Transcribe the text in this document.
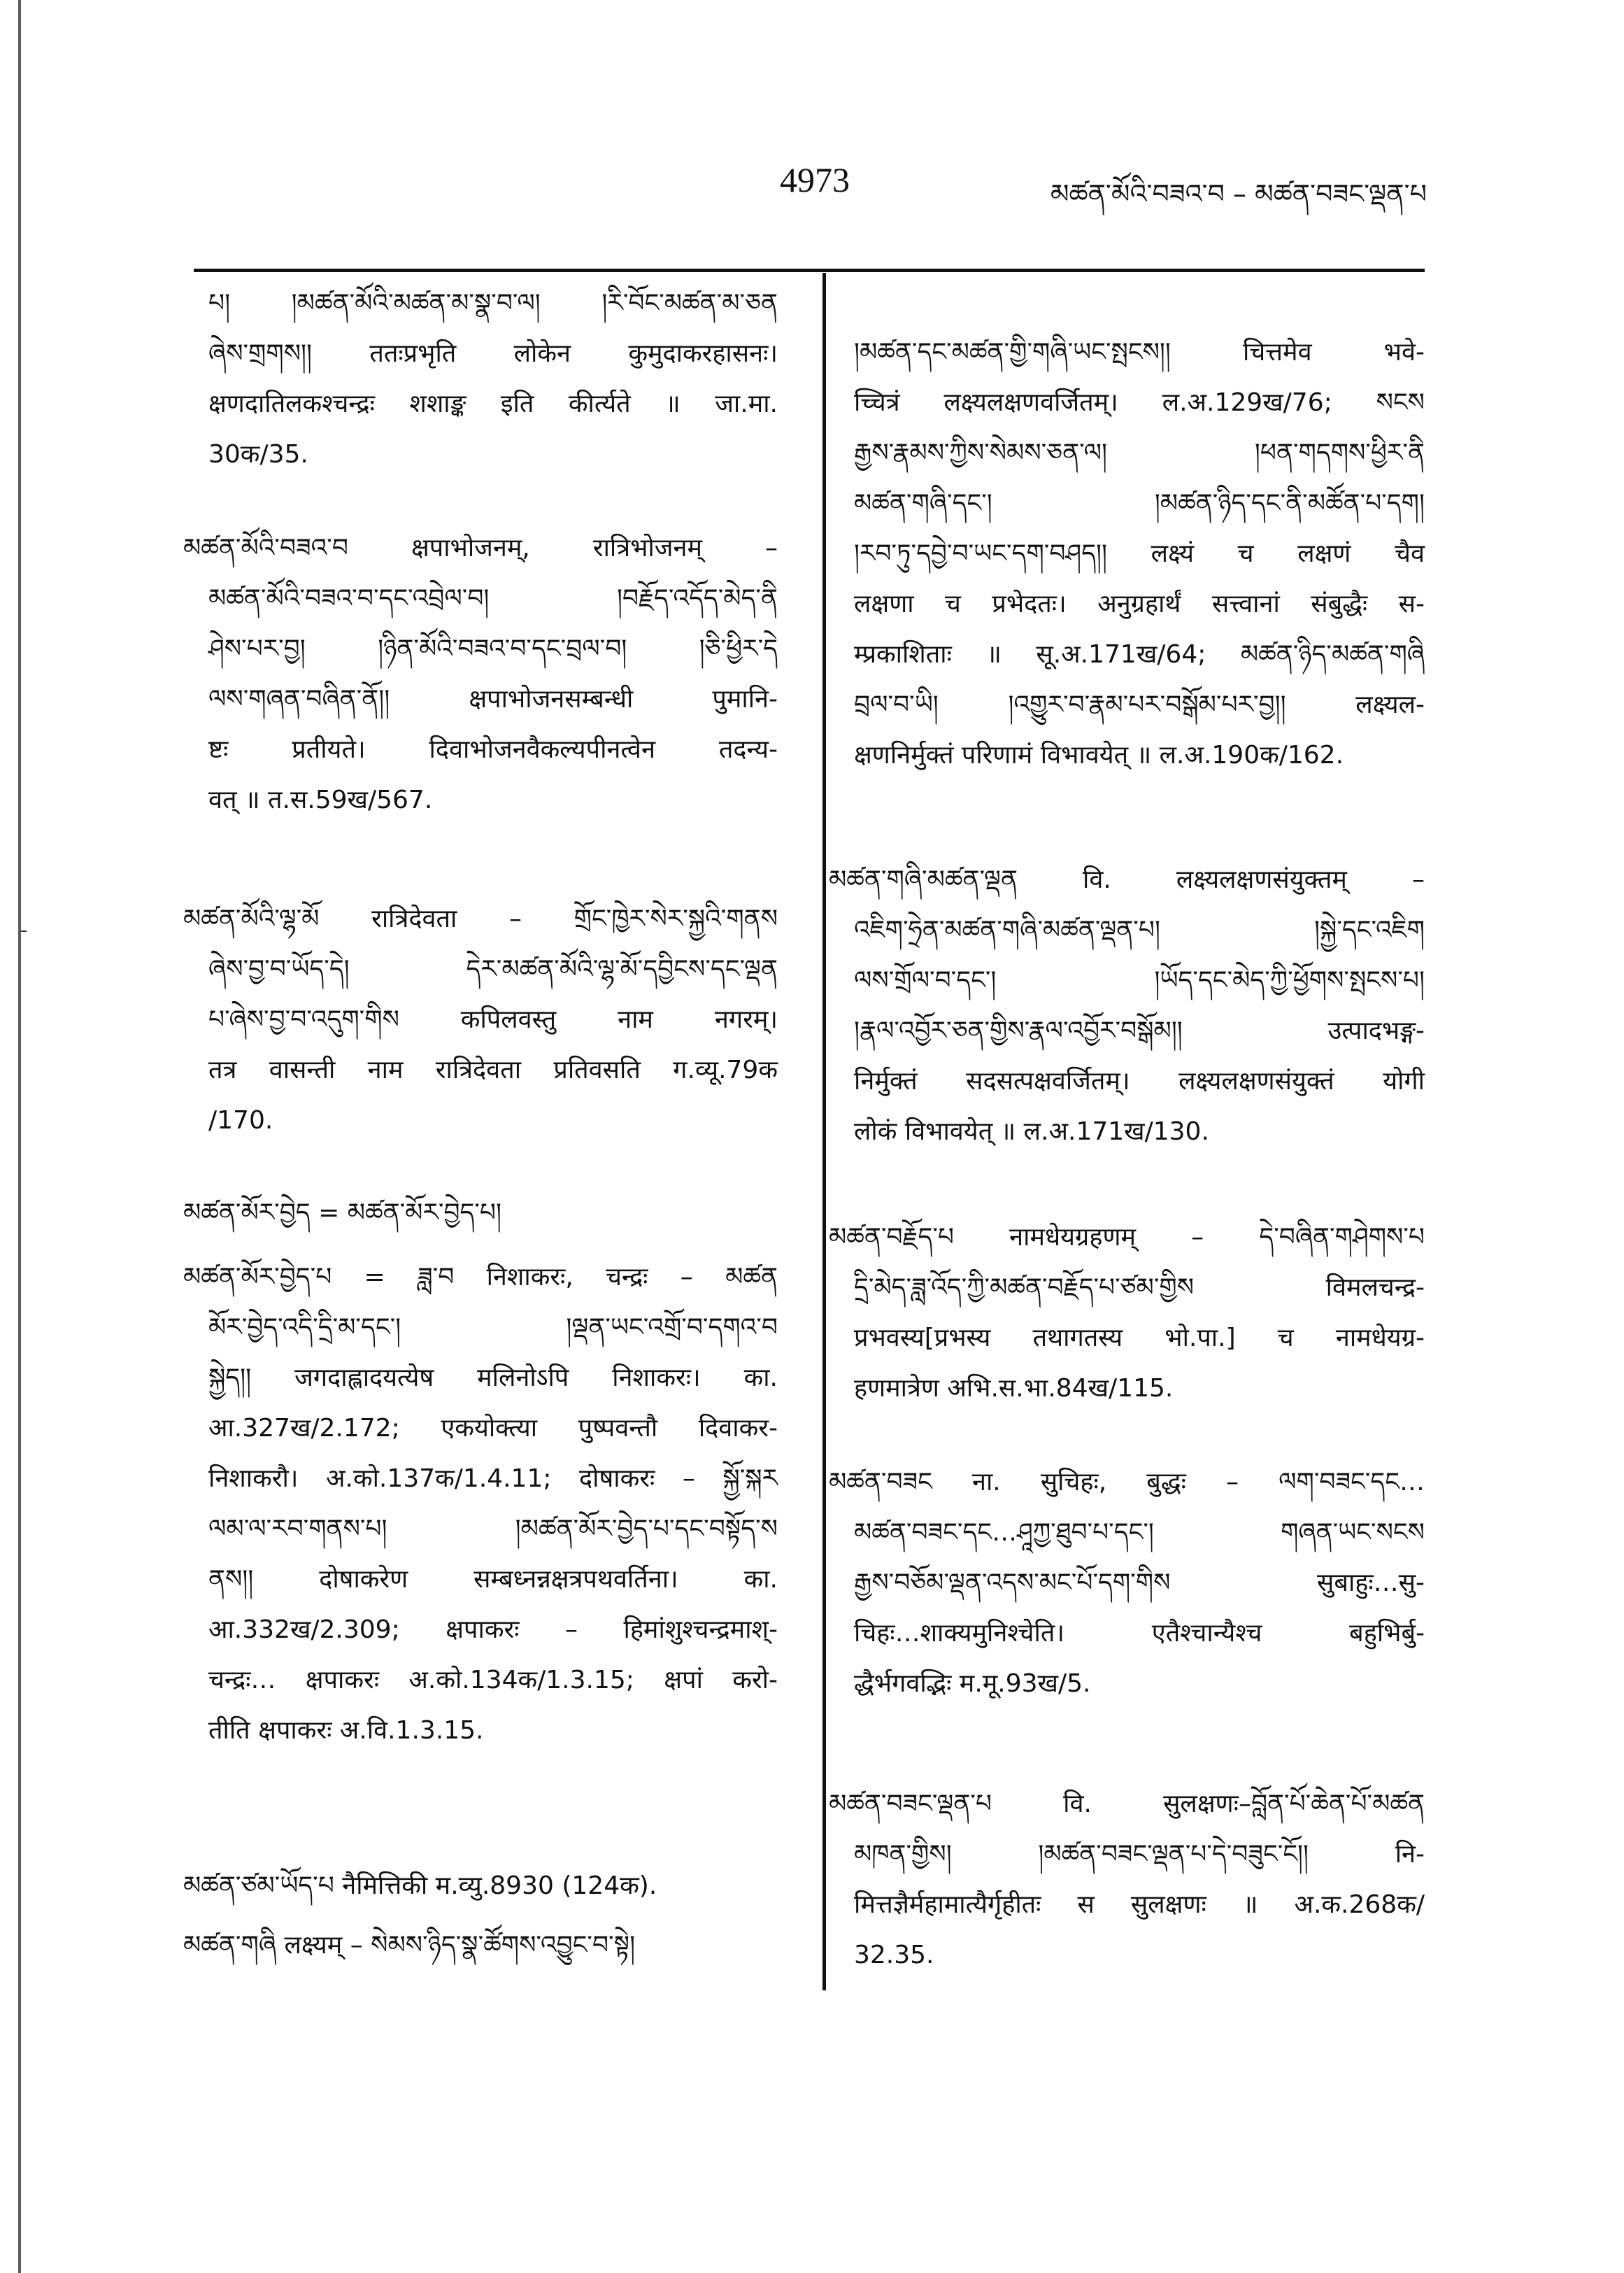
4973	མཚན་མོའི་བཟའ་བ – མཚན་བཟང་ལྡན་པ
པ། །མཚན་མོའི་མཚན་མ་སྣ་བ་ལ། །རི་བོང་མཚན་མ་ཅན
ཞེས་གྲགས།། ततःप्रभृति लोकेन कुमुदाकरहासनः।
क्षणदातिलकश्चन्द्रः शशाङ्क इति कीर्त्यते ॥ जा.मा.
30क/35.
མཚན་མོའི་བཟའ་བ क्षपाभोजनम्, रात्रिभोजनम् –
མཚན་མོའི་བཟའ་བ་དང་འབྲེལ་བ། །བརྗོད་འདོད་མེད་ནི
ཤེས་པར་བྱ། །ཉིན་མོའི་བཟའ་བ་དང་བྲལ་བ། །ཅི་ཕྱིར་དེ
ལས་གཞན་བཞིན་ནོ།། क्षपाभोजनसम्बन्धी पुमानि-
ष्टः प्रतीयते। दिवाभोजनवैकल्यपीनत्वेन तदन्य-
वत् ॥ त.स.59ख/567.
མཚན་མོའི་ལྷ་མོ रात्रिदेवता – གྲོང་ཁྱེར་སེར་སྐྱའི་གནས
ཞེས་བྱ་བ་ཡོད་དེ། དེར་མཚན་མོའི་ལྷ་མོ་དབྱིངས་དང་ལྡན
པ་ཞེས་བྱ་བ་འདུག་གིས कपिलवस्तु नाम नगरम्।
तत्र वासन्ती नाम रात्रिदेवता प्रतिवसति ग.व्यू.79क
/170.
མཚན་མོར་བྱེད = མཚན་མོར་བྱེད་པ།
མཚན་མོར་བྱེད་པ = ཟླ་བ निशाकरः, चन्द्रः – མཚན
མོར་བྱེད་འདི་དྲི་མ་དང་། །ལྡན་ཡང་འགྲོ་བ་དགའ་བ
སྐྱེད།། जगदाह्लादयत्येष मलिनोऽपि निशाकरः। का.
आ.327ख/2.172; एकयोक्त्या पुष्पवन्तौ दिवाकर-
निशाकरौ। अ.को.137क/1.4.11; दोषाकरः – སྐྱོ་སྐར
ལམ་ལ་རབ་གནས་པ། །མཚན་མོར་བྱེད་པ་དང་བསྟོད་ས
ནས།། दोषाकरेण सम्बध्नन्नक्षत्रपथवर्तिना। का.
आ.332ख/2.309; क्षपाकरः – हिमांशुश्चन्द्रमाश्-
चन्द्रः… क्षपाकरः अ.को.134क/1.3.15; क्षपां करो-
तीति क्षपाकरः अ.वि.1.3.15.
མཚན་ཙམ་ཡོད་པ नैमित्तिकी म.व्यु.8930 (124क).
མཚན་གཞི लक्ष्यम् – སེམས་ཉིད་སྣ་ཚོགས་འབྱུང་བ་སྟེ།
།མཚན་དང་མཚན་གྱི་གཞི་ཡང་སྤངས།། चित्तमेव भवे-
च्चित्रं लक्ष्यलक्षणवर्जितम्। ल.अ.129ख/76; སངས
རྒྱས་རྣམས་ཀྱིས་སེམས་ཅན་ལ། །ཕན་གདགས་ཕྱིར་ནི
མཚན་གཞི་དང་། །མཚན་ཉིད་དང་ནི་མཚོན་པ་དག།
།རབ་ཏུ་དབྱེ་བ་ཡང་དག་བཤད།། लक्ष्यं च लक्षणं चैव
लक्षणा च प्रभेदतः। अनुग्रहार्थं सत्त्वानां संबुद्धैः स-
म्प्रकाशिताः ॥ सू.अ.171ख/64; མཚན་ཉིད་མཚན་གཞི
བྲལ་བ་ཡི། །འགྱུར་བ་རྣམ་པར་བསྒོམ་པར་བྱ།། लक्ष्यल-
क्षणनिर्मुक्तं परिणामं विभावयेत् ॥ ल.अ.190क/162.
མཚན་གཞི་མཚན་ལྡན वि. लक्ष्यलक्षणसंयुक्तम् –
འཇིག་ཧྲེན་མཚན་གཞི་མཚན་ལྡན་པ། །སྐྱེ་དང་འཇིག
ལས་གྲོལ་བ་དང་། །ཡོད་དང་མེད་ཀྱི་ཕྱོགས་སྤངས་པ།
།རྣལ་འབྱོར་ཅན་གྱིས་རྣལ་འབྱོར་བསྒོམ།། उत्पादभङ्ग-
निर्मुक्तं सदसत्पक्षवर्जितम्। लक्ष्यलक्षणसंयुक्तं योगी
लोकं विभावयेत् ॥ ल.अ.171ख/130.
མཚན་བརྗོད་པ नामधेयग्रहणम् – དེ་བཞིན་གཤེགས་པ
དྲི་མེད་ཟླ་འོད་ཀྱི་མཚན་བརྗོད་པ་ཙམ་གྱིས विमलचन्द्र-
प्रभवस्य[प्रभस्य तथागतस्य भो.पा.] च नामधेयग्र-
हणमात्रेण अभि.स.भा.84ख/115.
མཚན་བཟང ना. सुचिहः, बुद्धः – ལག་བཟང་དང…
མཚན་བཟང་དང…ཤཱཀྱ་ཐུབ་པ་དང་། གཞན་ཡང་སངས
རྒྱས་བཅོམ་ལྡན་འདས་མང་པོ་དག་གིས सुबाहुः…सु-
चिहः…शाक्यमुनिश्चेति। एतैश्चान्यैश्च बहुभिर्बु-
द्धैर्भगवद्भिः म.मू.93ख/5.
མཚན་བཟང་ལྡན་པ वि. सुलक्षणः–བློན་པོ་ཆེན་པོ་མཚན
མཁན་གྱིས། །མཚན་བཟང་ལྡན་པ་དེ་བཟུང་ངོ།། नि-
मित्तज्ञैर्महामात्यैर्गृहीतः स सुलक्षणः ॥ अ.क.268क/
32.35.
